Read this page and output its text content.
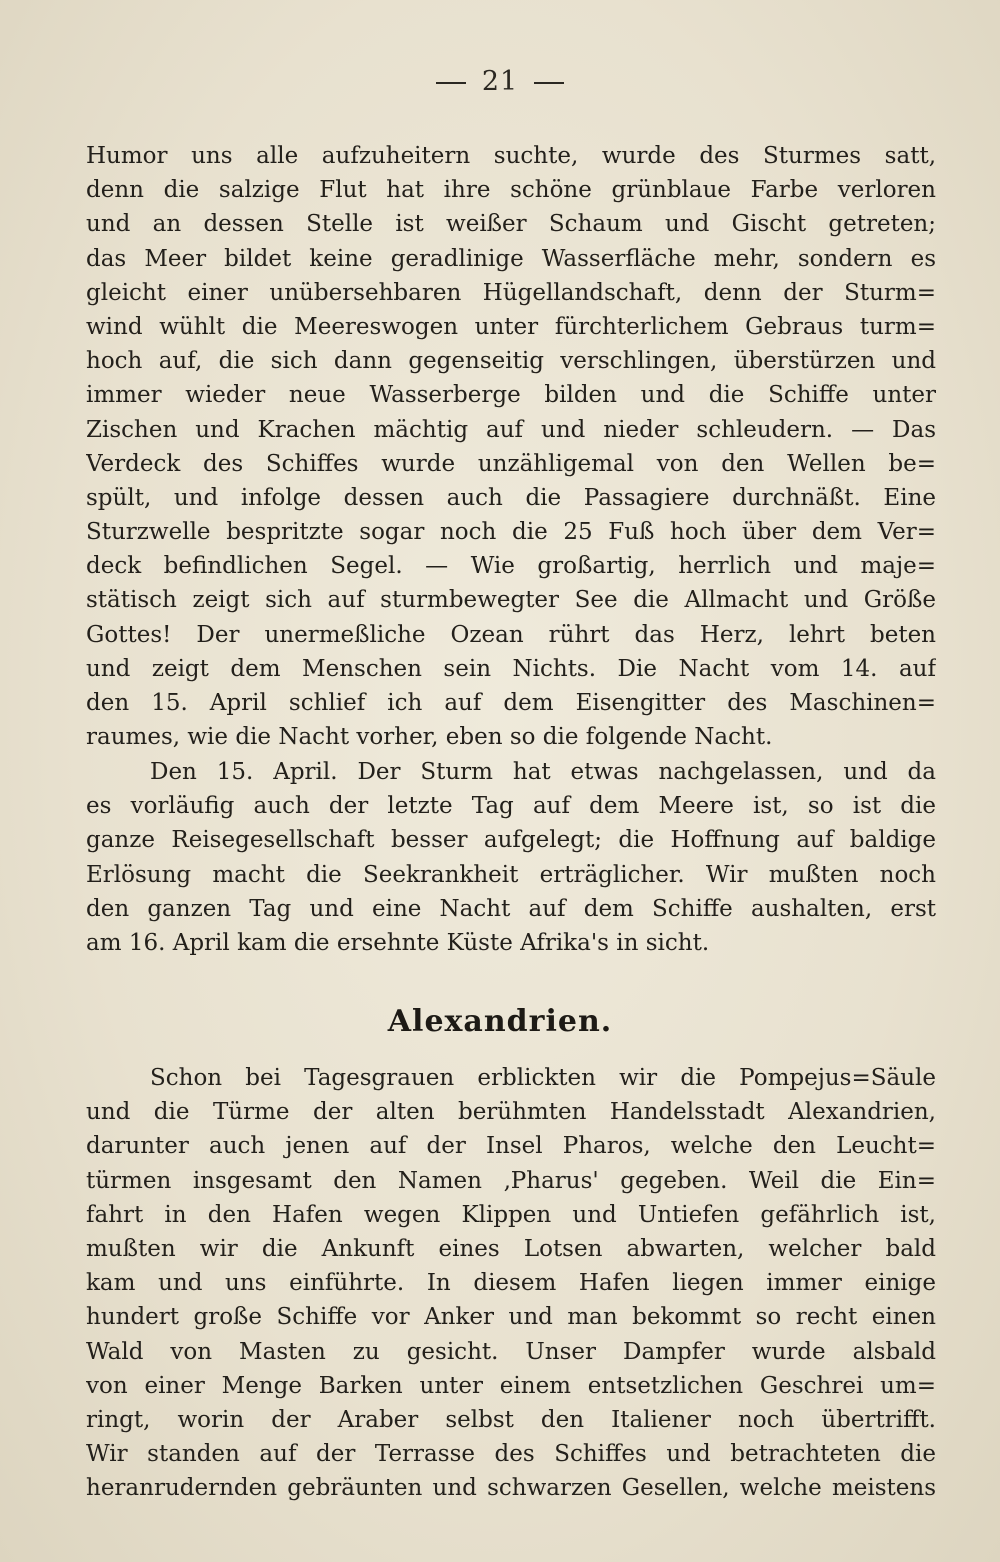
21
Humor uns alle aufzuheitern suchte, wurde des Sturmes satt,
denn die salzige Flut hat ihre schöne grünblaue Farbe verloren
und an dessen Stelle ist weißer Schaum und Gischt getreten;
das Meer bildet keine geradlinige Wasserfläche mehr, sondern es
gleicht einer unübersehbaren Hügellandschaft, denn der Sturm=
wind wühlt die Meereswogen unter fürchterlichem Gebraus turm=
hoch auf, die sich dann gegenseitig verschlingen, überstürzen und
immer wieder neue Wasserberge bilden und die Schiffe unter
Zischen und Krachen mächtig auf und nieder schleudern. — Das
Verdeck des Schiffes wurde unzähligemal von den Wellen be=
spült, und infolge dessen auch die Passagiere durchnäßt. Eine
Sturzwelle bespritzte sogar noch die 25 Fuß hoch über dem Ver=
deck befindlichen Segel. — Wie großartig, herrlich und maje=
stätisch zeigt sich auf sturmbewegter See die Allmacht und Größe
Gottes! Der unermeßliche Ozean rührt das Herz, lehrt beten
und zeigt dem Menschen sein Nichts. Die Nacht vom 14. auf
den 15. April schlief ich auf dem Eisengitter des Maschinen=
raumes, wie die Nacht vorher, eben so die folgende Nacht.
Den 15. April. Der Sturm hat etwas nachgelassen, und da
es vorläufig auch der letzte Tag auf dem Meere ist, so ist die
ganze Reisegesellschaft besser aufgelegt; die Hoffnung auf baldige
Erlösung macht die Seekrankheit erträglicher. Wir mußten noch
den ganzen Tag und eine Nacht auf dem Schiffe aushalten, erst
am 16. April kam die ersehnte Küste Afrika's in sicht.
Alexandrien.
Schon bei Tagesgrauen erblickten wir die Pompejus=Säule
und die Türme der alten berühmten Handelsstadt Alexandrien,
darunter auch jenen auf der Insel Pharos, welche den Leucht=
türmen insgesamt den Namen ‚Pharus' gegeben. Weil die Ein=
fahrt in den Hafen wegen Klippen und Untiefen gefährlich ist,
mußten wir die Ankunft eines Lotsen abwarten, welcher bald
kam und uns einführte. In diesem Hafen liegen immer einige
hundert große Schiffe vor Anker und man bekommt so recht einen
Wald von Masten zu gesicht. Unser Dampfer wurde alsbald
von einer Menge Barken unter einem entsetzlichen Geschrei um=
ringt, worin der Araber selbst den Italiener noch übertrifft.
Wir standen auf der Terrasse des Schiffes und betrachteten die
heranrudernden gebräunten und schwarzen Gesellen, welche meistens
